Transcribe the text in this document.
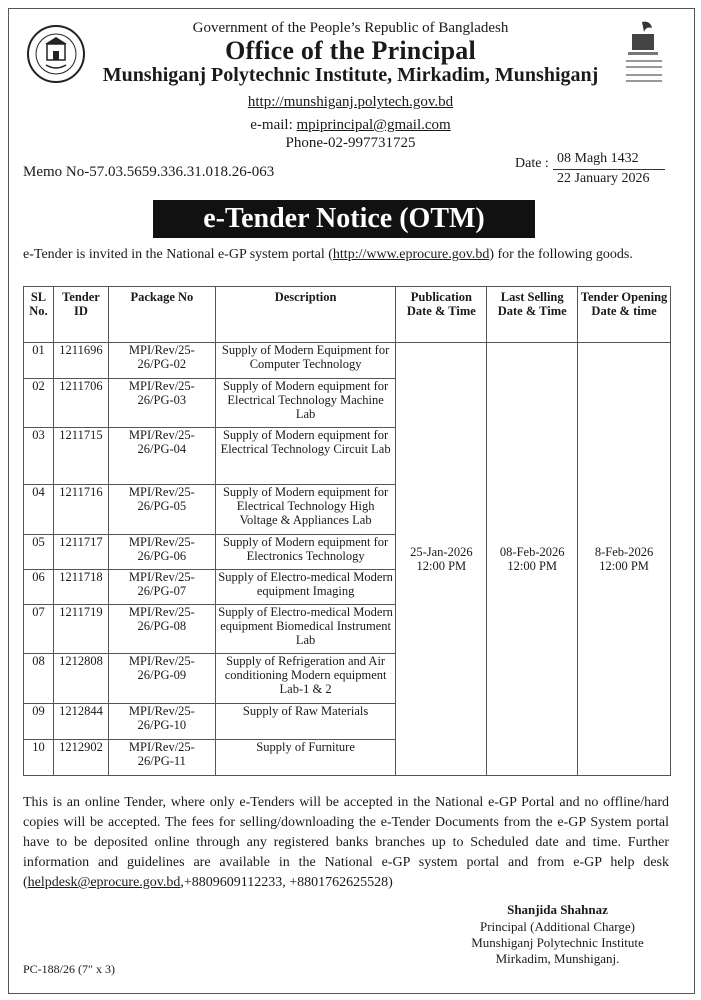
Government of the People’s Republic of Bangladesh
Office of the Principal
Munshiganj Polytechnic Institute, Mirkadim, Munshiganj
http://munshiganj.polytech.gov.bd
e-mail: mpiprincipal@gmail.com
Phone-02-997731725
Memo No-57.03.5659.336.31.018.26-063
Date : 08 Magh 1432
22 January 2026
e-Tender Notice (OTM)
e-Tender is invited in the National e-GP system portal (http://www.eprocure.gov.bd) for the following goods.
SL No.	Tender ID	Package No	Description	Publication Date & Time	Last Selling Date & Time	Tender Opening Date & time
01	1211696	MPI/Rev/25-26/PG-02	Supply of Modern Equipment for Computer Technology	25-Jan-2026 12:00 PM	08-Feb-2026 12:00 PM	8-Feb-2026 12:00 PM
02	1211706	MPI/Rev/25-26/PG-03	Supply of Modern equipment for Electrical Technology Machine Lab			
03	1211715	MPI/Rev/25-26/PG-04	Supply of Modern equipment for Electrical Technology Circuit Lab			
04	1211716	MPI/Rev/25-26/PG-05	Supply of Modern equipment for Electrical Technology High Voltage & Appliances Lab			
05	1211717	MPI/Rev/25-26/PG-06	Supply of Modern equipment for Electronics Technology			
06	1211718	MPI/Rev/25-26/PG-07	Supply of Electro-medical Modern equipment Imaging			
07	1211719	MPI/Rev/25-26/PG-08	Supply of Electro-medical Modern equipment Biomedical Instrument Lab			
08	1212808	MPI/Rev/25-26/PG-09	Supply of Refrigeration and Air conditioning Modern equipment Lab-1 & 2			
09	1212844	MPI/Rev/25-26/PG-10	Supply of Raw Materials			
10	1212902	MPI/Rev/25-26/PG-11	Supply of Furniture			
This is an online Tender, where only e-Tenders will be accepted in the National e-GP Portal and no offline/hard copies will be accepted. The fees for selling/downloading the e-Tender Documents from the e-GP System portal have to be deposited online through any registered banks branches up to Scheduled date and time. Further information and guidelines are available in the National e-GP system portal and from e-GP help desk (helpdesk@eprocure.gov.bd,+8809609112233, +8801762625528)
Shanjida Shahnaz
Principal (Additional Charge)
Munshiganj Polytechnic Institute
Mirkadim, Munshiganj.
PC-188/26 (7″ x 3)
